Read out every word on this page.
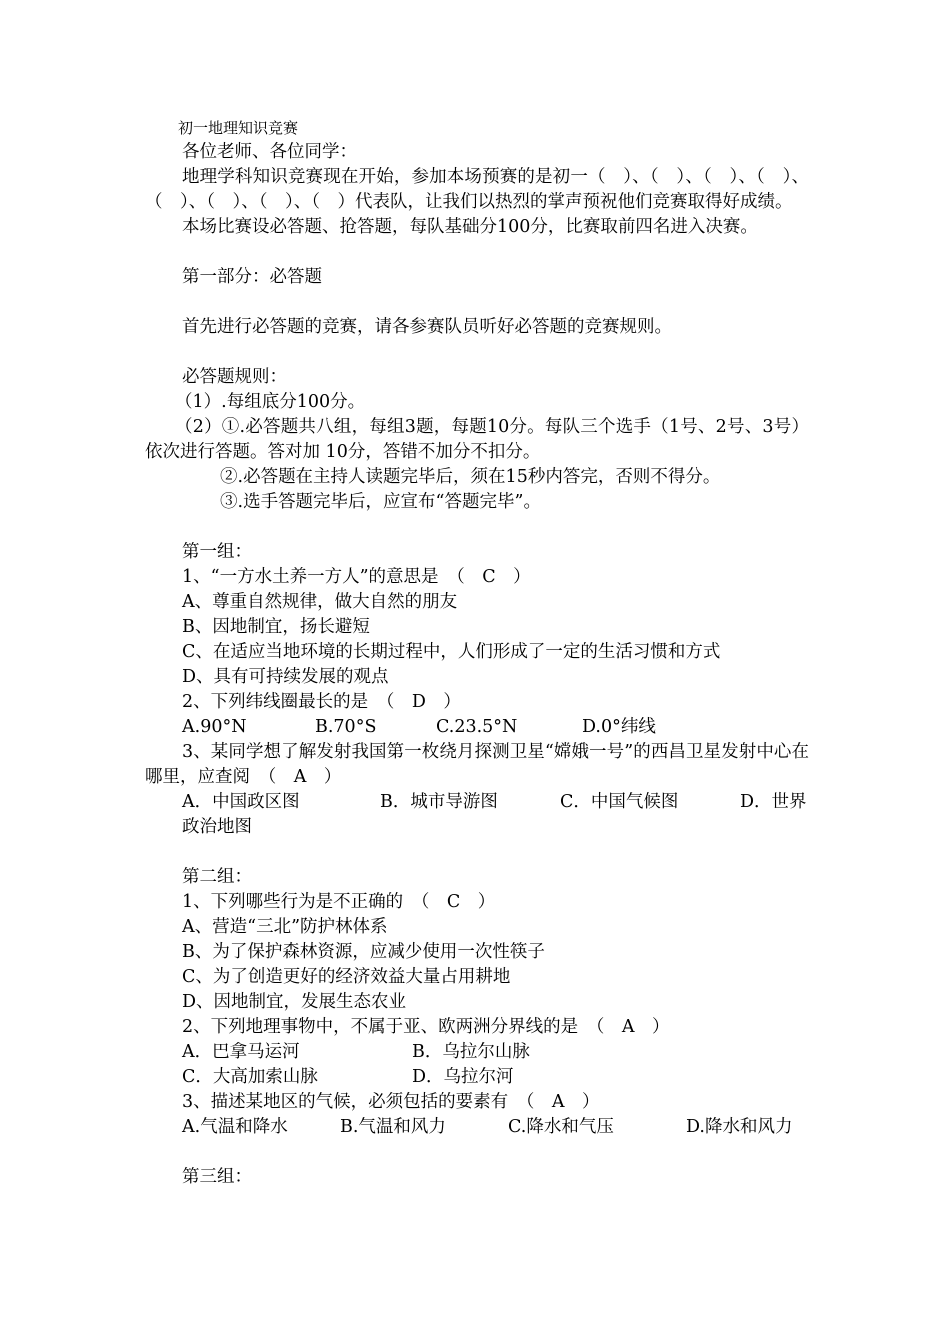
初一地理知识竞赛

各位老师、各位同学：

地理学科知识竞赛现在开始，参加本场预赛的是初一（　）、（　）、（　）、（　）、（　）、（　）、（　）、（　）代表队，让我们以热烈的掌声预祝他们竞赛取得好成绩。

本场比赛设必答题、抢答题，每队基础分100分，比赛取前四名进入决赛。

第一部分：必答题

首先进行必答题的竞赛，请各参赛队员听好必答题的竞赛规则。

必答题规则：

（1）.每组底分100分。

（2）①.必答题共八组，每组3题，每题10分。每队三个选手（1号、2号、3号）依次进行答题。答对加 10分，答错不加分不扣分。

②.必答题在主持人读题完毕后，须在15秒内答完，否则不得分。

③.选手答题完毕后，应宣布“答题完毕”。

第一组：

1、“一方水土养一方人”的意思是　（　C　）

A、尊重自然规律，做大自然的朋友

B、因地制宜，扬长避短

C、在适应当地环境的长期过程中，人们形成了一定的生活习惯和方式

D、具有可持续发展的观点

2、下列纬线圈最长的是　（　D　）

A.90°N	B.70°S	C.23.5°N	D.0°纬线

3、某同学想了解发射我国第一枚绕月探测卫星“嫦娥一号”的西昌卫星发射中心在哪里，应查阅　（　A　）

A．中国政区图	B．城市导游图	C．中国气候图	D．世界政治地图

第二组：

1、下列哪些行为是不正确的　（　C　）

A、营造“三北”防护林体系

B、为了保护森林资源，应减少使用一次性筷子

C、为了创造更好的经济效益大量占用耕地

D、因地制宜，发展生态农业

2、下列地理事物中，不属于亚、欧两洲分界线的是　（　A　）

A．巴拿马运河	B．乌拉尔山脉
C．大高加索山脉	D．乌拉尔河

3、描述某地区的气候，必须包括的要素有　（　A　）

A.气温和降水	B.气温和风力	C.降水和气压	D.降水和风力

第三组：
